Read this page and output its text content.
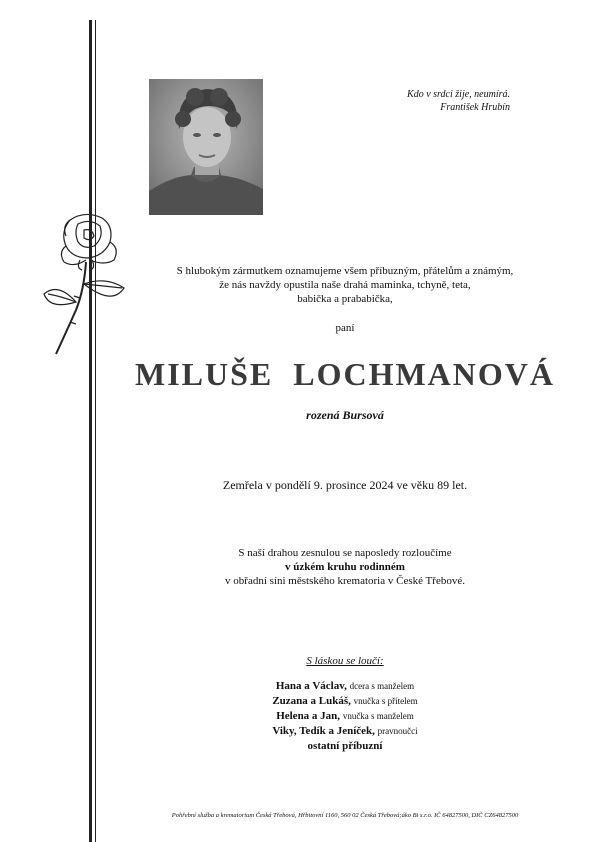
Kdo v srdci žije, neumírá.
František Hrubín
S hlubokým zármutkem oznamujeme všem příbuzným, přátelům a známým,
že nás navždy opustila naše drahá maminka, tchyně, teta,
babička a prababička,
paní
MILUŠE  LOCHMANOVÁ
rozená Bursová
Zemřela v pondělí 9. prosince 2024 ve věku 89 let.
S naší drahou zesnulou se naposledy rozloučíme
v úzkém kruhu rodinném
v obřadní síni městského krematoria v České Třebové.
S láskou se loučí:
Hana a Václav, dcera s manželem
Zuzana a Lukáš, vnučka s přítelem
Helena a Jan, vnučka s manželem
Viky, Tedík a Jeníček, pravnoučci
ostatní příbuzní
Pohřební služba a krematorium Česká Třebová, Hřbitovní 1160, 560 02 Česká Třebová;áko Bi s.r.o. IČ 64827500, DIČ CZ64827500
